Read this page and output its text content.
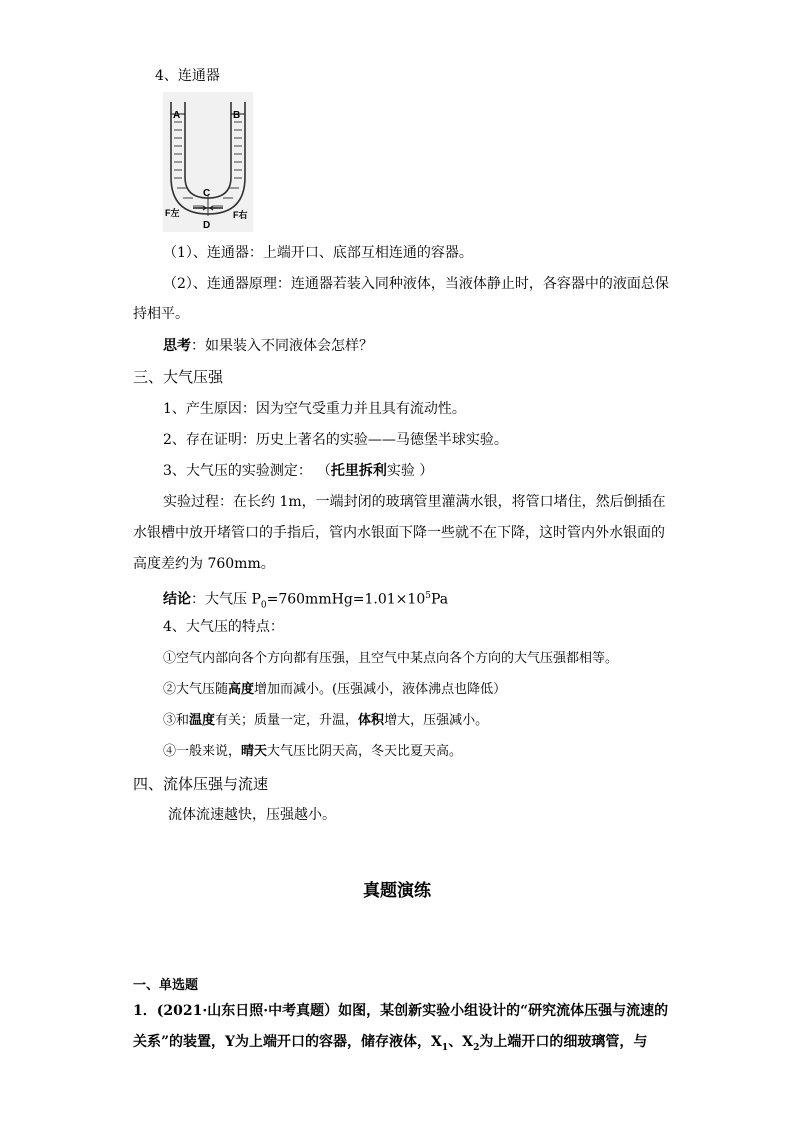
4、连通器
A	B
C
D
F左	F右
（1）、连通器：上端开口、底部互相连通的容器。
（2）、连通器原理：连通器若装入同种液体，当液体静止时，各容器中的液面总保
持相平。
思考：如果装入不同液体会怎样？
三、大气压强
1、产生原因：因为空气受重力并且具有流动性。
2、存在证明：历史上著名的实验——马德堡半球实验。
3、大气压的实验测定： （托里拆利实验 ）
实验过程：在长约 1m，一端封闭的玻璃管里灌满水银，将管口堵住，然后倒插在
水银槽中放开堵管口的手指后，管内水银面下降一些就不在下降，这时管内外水银面的
高度差约为 760mm。
结论：大气压 $P_0=760mmHg=1.01\times 10^5Pa$
4、大气压的特点：
①空气内部向各个方向都有压强，且空气中某点向各个方向的大气压强都相等。
②大气压随高度增加而减小。(压强减小，液体沸点也降低）
③和温度有关；质量一定，升温，体积增大，压强减小。
④一般来说，晴天大气压比阴天高，冬天比夏天高。
四、流体压强与流速
流体流速越快，压强越小。
真题演练
一、单选题
1．(2021·山东日照·中考真题）如图，某创新实验小组设计的“研究流体压强与流速的
关系”的装置，Y为上端开口的容器，储存液体，$X_1$、$X_2$为上端开口的细玻璃管，与
